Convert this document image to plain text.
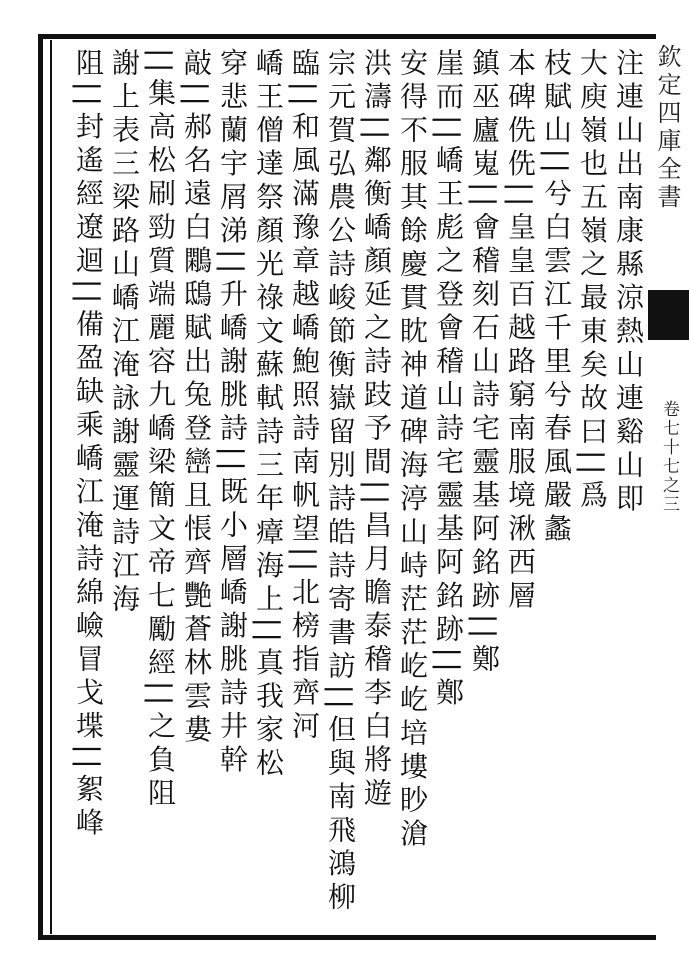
欽定四庫全書
卷七十七之三
注連山出南康縣涼熱山連谿山即
大庾嶺也五嶺之最東矣故曰||爲
枝賦山||兮白雲江千里兮春風嚴蠡
本碑侁侁||皇皇百越路窮南服境湫西層
鎮巫廬嵬||會稽刻石山詩宅靈基阿銘跡||鄭
崖而||嶠王彪之登會稽山詩宅靈基阿銘跡||鄭
安得不服其餘慶貫眈神道碑海渟山峙茫茫屹屹培塿眇滄
洪濤||鄰衡嶠顏延之詩跂予間||昌月瞻泰稽李白將遊
宗元賀弘農公詩峻節衡嶽留別詩皓詩寄書訪||但與南飛鴻柳
臨||和風滿豫章越嶠鮑照詩南帆望||北榜指齊河
嶠王僧達祭顏光祿文蘇軾詩三年瘴海上||真我家松
穿悲蘭宇屑涕||升嶠謝朓詩||既小層嶠謝朓詩井幹
敲||郝名遠白鷴鴟賦出兔登巒且悵齊艷蒼林雲婁
||集高松刷勁質端麗容九嶠梁簡文帝七勵經||之負阻
謝上表三梁路山嶠江淹詠謝靈運詩江海
阻||封遙經遼迴||備盈缺乘嶠江淹詩綿嶮冒戈堞||絮峰
